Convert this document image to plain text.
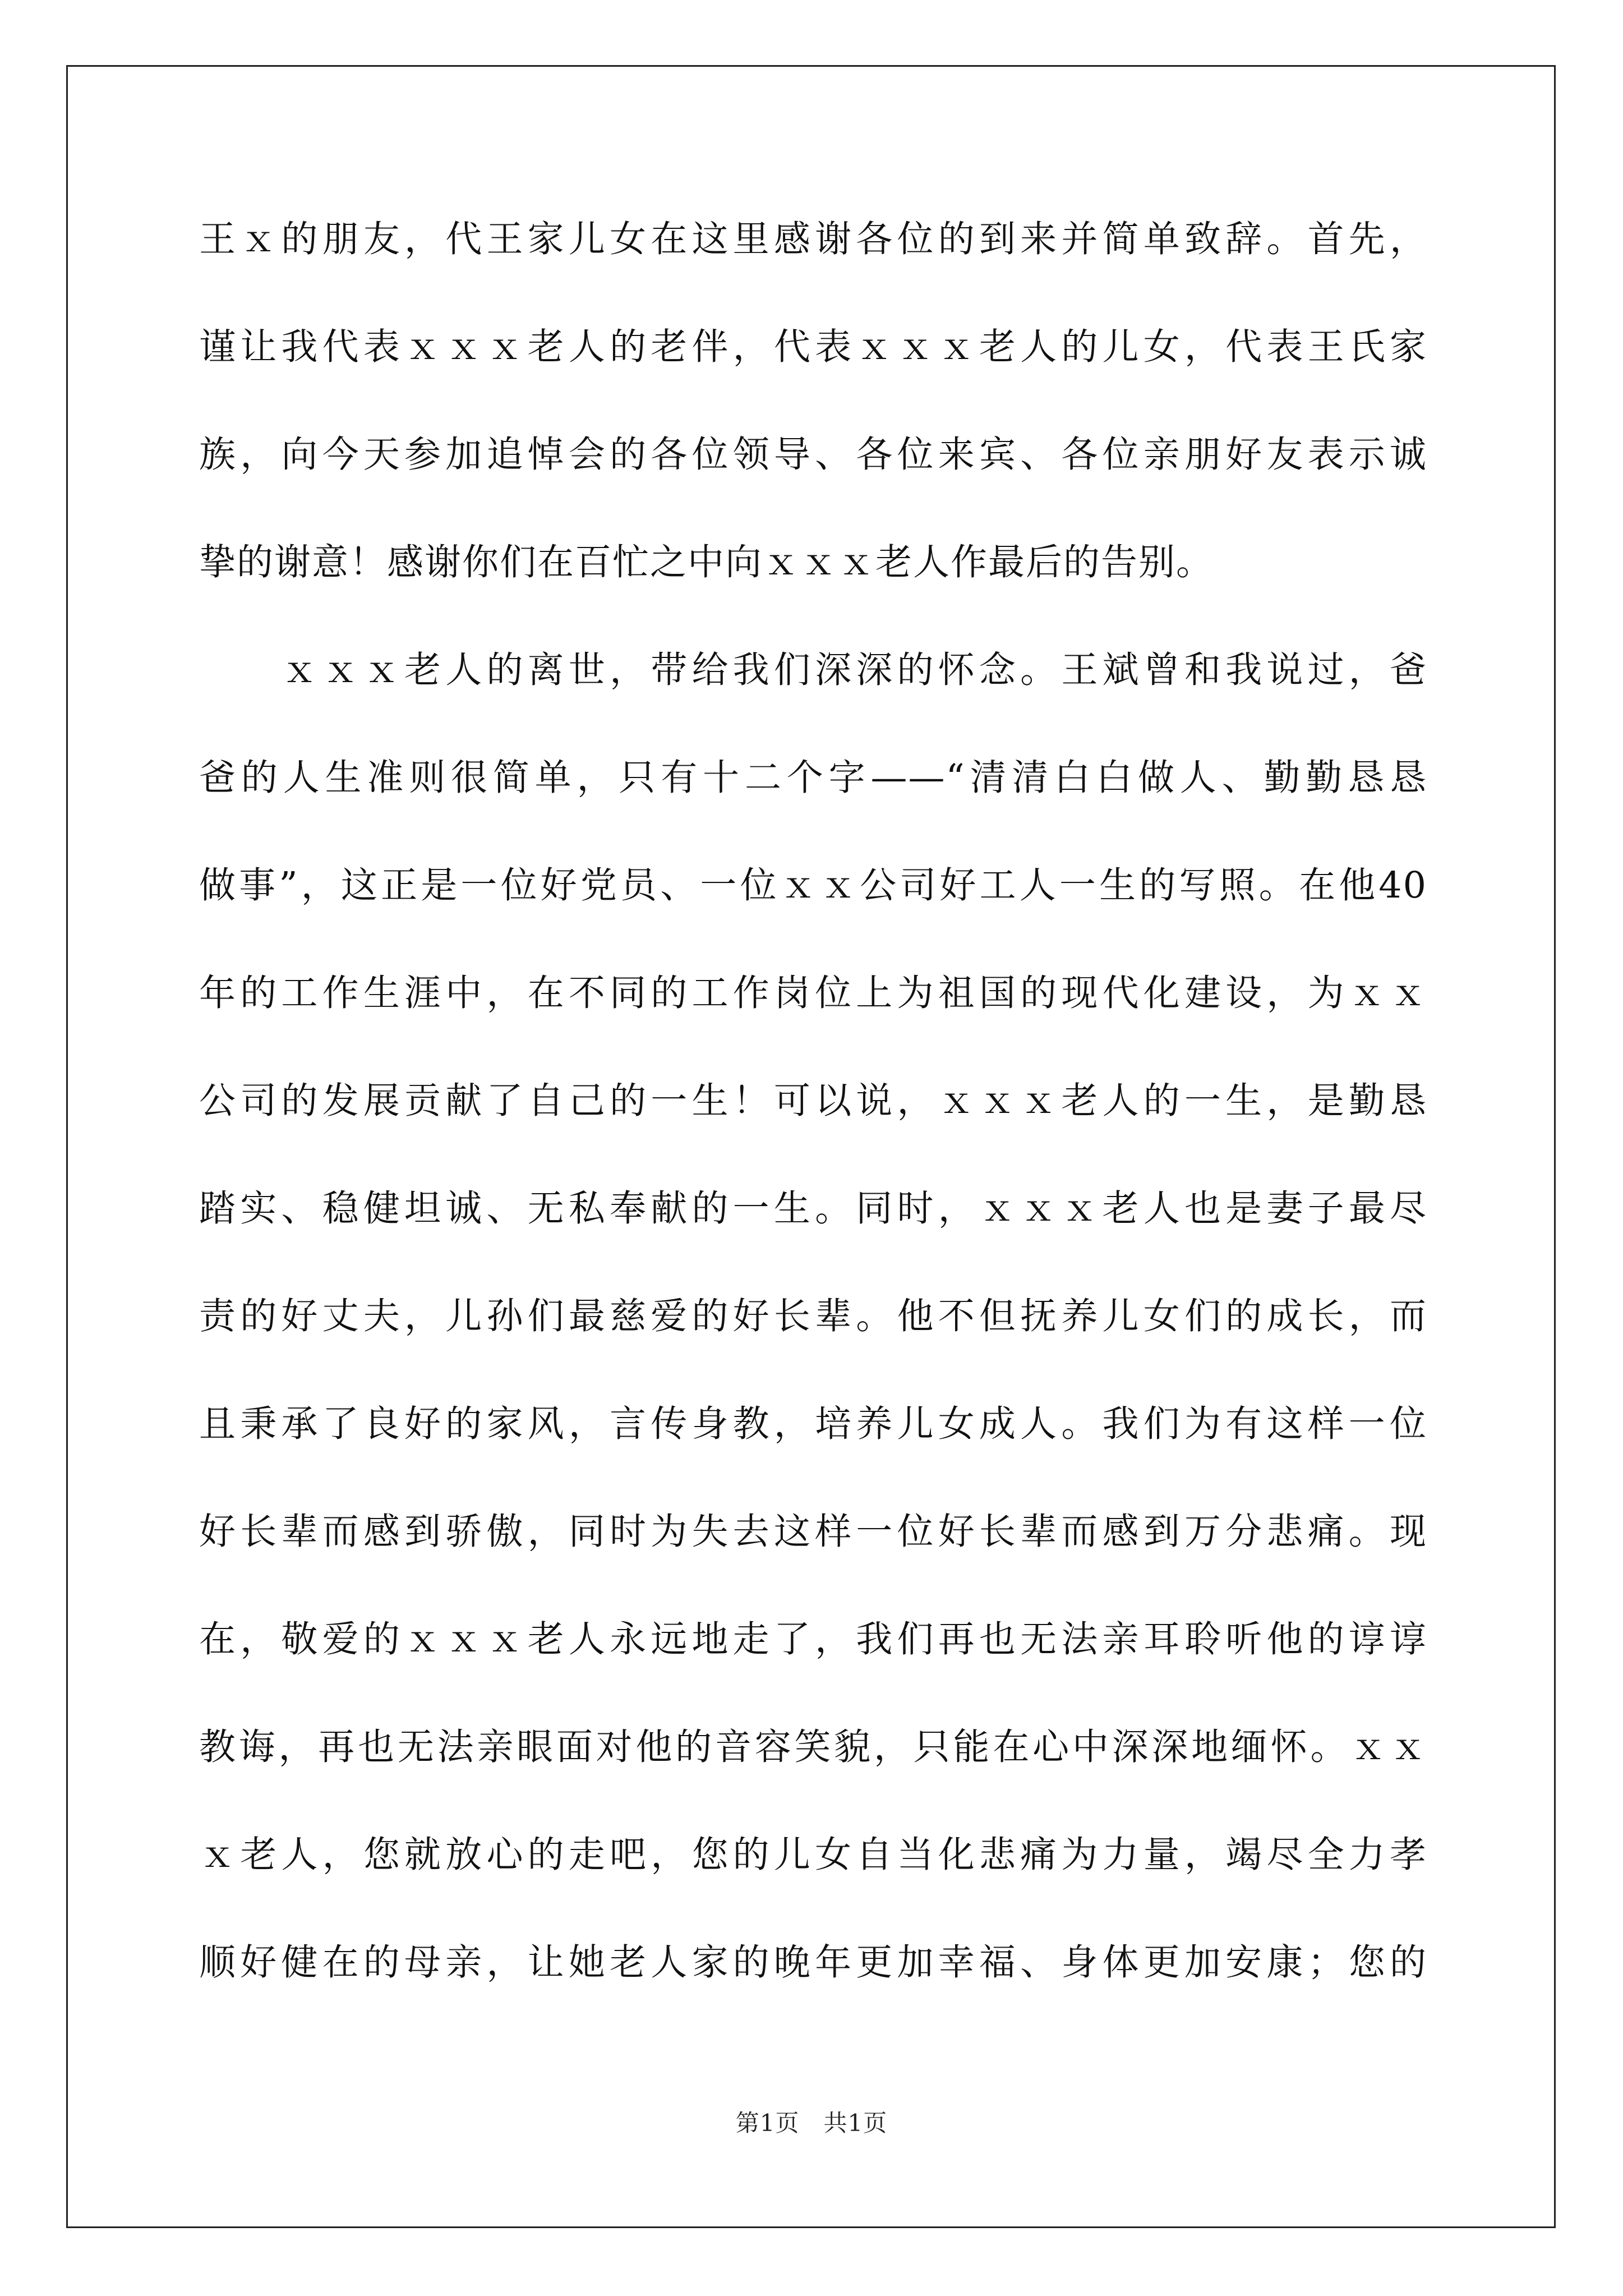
王ｘ的朋友，代王家儿女在这里感谢各位的到来并简单致辞。首先，
谨让我代表ｘｘｘ老人的老伴，代表ｘｘｘ老人的儿女，代表王氏家
族，向今天参加追悼会的各位领导、各位来宾、各位亲朋好友表示诚
挚的谢意！感谢你们在百忙之中向ｘｘｘ老人作最后的告别。
　　ｘｘｘ老人的离世，带给我们深深的怀念。王斌曾和我说过，爸
爸的人生准则很简单，只有十二个字——“清清白白做人、勤勤恳恳
做事”，这正是一位好党员、一位ｘｘ公司好工人一生的写照。在他40
年的工作生涯中，在不同的工作岗位上为祖国的现代化建设，为ｘｘ
公司的发展贡献了自己的一生！可以说，ｘｘｘ老人的一生，是勤恳
踏实、稳健坦诚、无私奉献的一生。同时，ｘｘｘ老人也是妻子最尽
责的好丈夫，儿孙们最慈爱的好长辈。他不但抚养儿女们的成长，而
且秉承了良好的家风，言传身教，培养儿女成人。我们为有这样一位
好长辈而感到骄傲，同时为失去这样一位好长辈而感到万分悲痛。现
在，敬爱的ｘｘｘ老人永远地走了，我们再也无法亲耳聆听他的谆谆
教诲，再也无法亲眼面对他的音容笑貌，只能在心中深深地缅怀。ｘｘ
ｘ老人，您就放心的走吧，您的儿女自当化悲痛为力量，竭尽全力孝
顺好健在的母亲，让她老人家的晚年更加幸福、身体更加安康；您的
第1页　共1页
